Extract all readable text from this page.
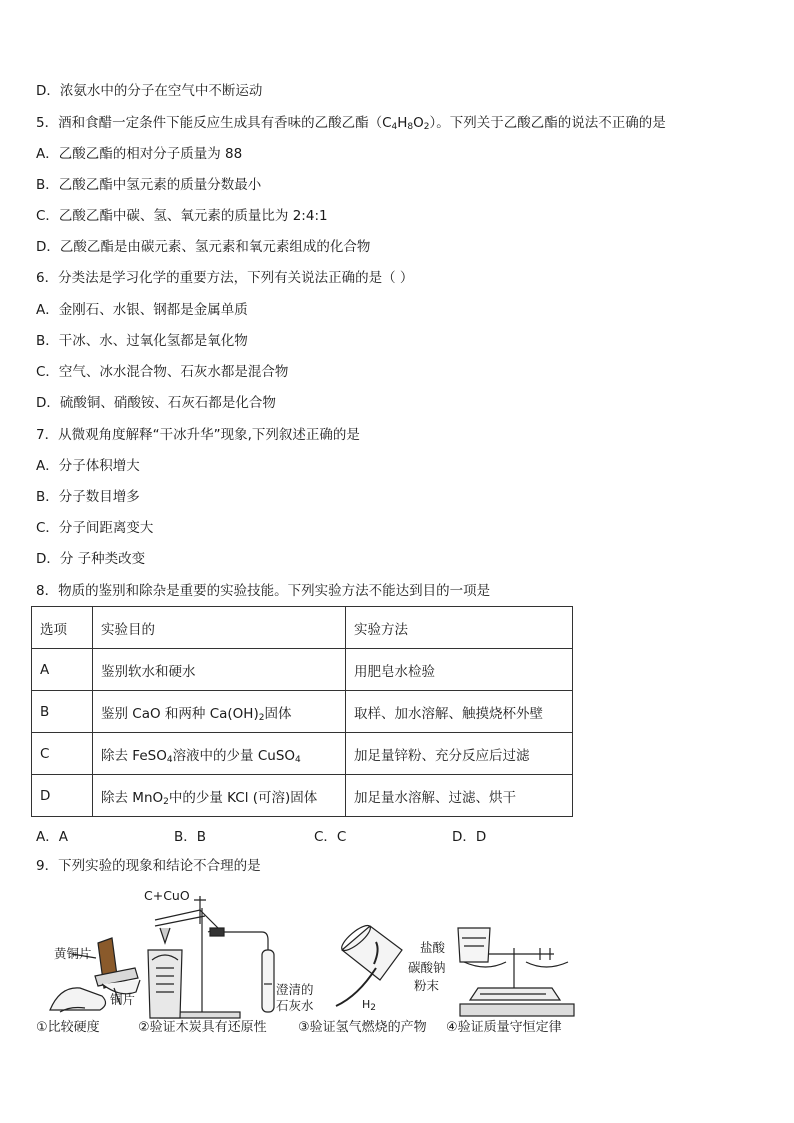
D．浓氨水中的分子在空气中不断运动
5．酒和食醋一定条件下能反应生成具有香味的乙酸乙酯（C4H8O2）。下列关于乙酸乙酯的说法不正确的是
A．乙酸乙酯的相对分子质量为 88
B．乙酸乙酯中氢元素的质量分数最小
C．乙酸乙酯中碳、氢、氧元素的质量比为 2:4:1
D．乙酸乙酯是由碳元素、氢元素和氧元素组成的化合物
6．分类法是学习化学的重要方法，下列有关说法正确的是（ ）
A．金刚石、水银、钢都是金属单质
B．干冰、水、过氧化氢都是氧化物
C．空气、冰水混合物、石灰水都是混合物
D．硫酸铜、硝酸铵、石灰石都是化合物
7．从微观角度解释“干冰升华”现象,下列叙述正确的是
A．分子体积增大
B．分子数目增多
C．分子间距离变大
D．分 子种类改变
8．物质的鉴别和除杂是重要的实验技能。下列实验方法不能达到目的一项是
选项	实验目的	实验方法
A	鉴别软水和硬水	用肥皂水检验
B	鉴别 CaO 和两种 $Ca(OH)_2$固体	取样、加水溶解、触摸烧杯外壁
C	除去 FeSO$_4$溶液中的少量 CuSO$_4$	加足量锌粉、充分反应后过滤
D	除去 MnO$_2$中的少量 KCl (可溶)固体	加足量水溶解、过滤、烘干
A．A	B．B	C．C	D．D
9．下列实验的现象和结论不合理的是
C+CuO
黄铜片
铜片
澄清的
石灰水	$H_2$
盐酸
碳酸钠
粉末
①比较硬度	②验证木炭具有还原性 ③验证氢气燃烧的产物 ④验证质量守恒定律
